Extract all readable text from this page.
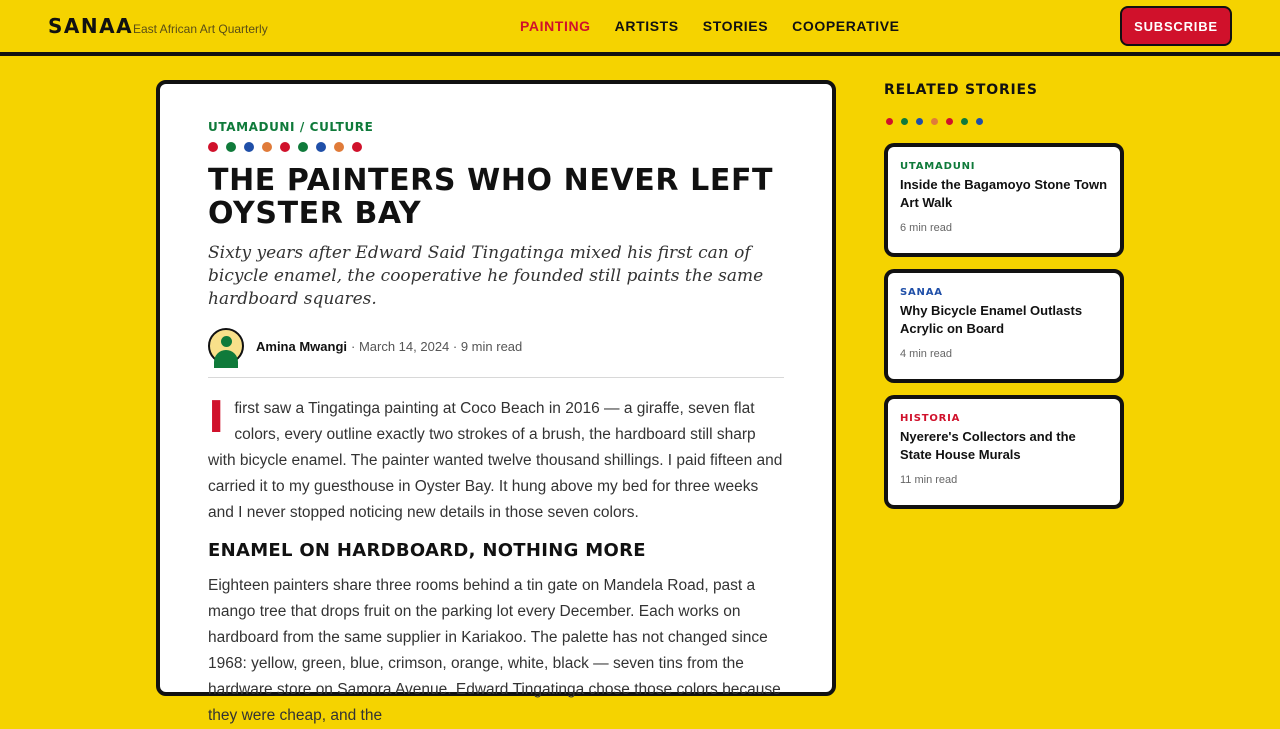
SANAA East African Art Quarterly	PAINTING ARTISTS STORIES COOPERATIVE	SUBSCRIBE
UTAMADUNI / CULTURE
THE PAINTERS WHO NEVER LEFT OYSTER BAY

Sixty years after Edward Said Tingatinga mixed his first can of bicycle enamel, the cooperative he founded still paints the same hardboard squares.

Amina Mwangi · March 14, 2024 · 9 min read

Ifirst saw a Tingatinga painting at Coco Beach in 2016 — a giraffe, seven flat colors, every outline exactly two strokes of a brush, the hardboard still sharp with bicycle enamel. The painter wanted twelve thousand shillings. I paid fifteen and carried it to my guesthouse in Oyster Bay. It hung above my bed for three weeks and I never stopped noticing new details in those seven colors.

ENAMEL ON HARDBOARD, NOTHING MORE

Eighteen painters share three rooms behind a tin gate on Mandela Road, past a mango tree that drops fruit on the parking lot every December. Each works on hardboard from the same supplier in Kariakoo. The palette has not changed since 1968: yellow, green, blue, crimson, orange, white, black — seven tins from the hardware store on Samora Avenue. Edward Tingatinga chose those colors because they were cheap, and the

RELATED STORIES
UTAMADUNI
Inside the Bagamoyo Stone Town Art Walk
6 min read
SANAA
Why Bicycle Enamel Outlasts Acrylic on Board
4 min read
HISTORIA
Nyerere's Collectors and the State House Murals
11 min read
